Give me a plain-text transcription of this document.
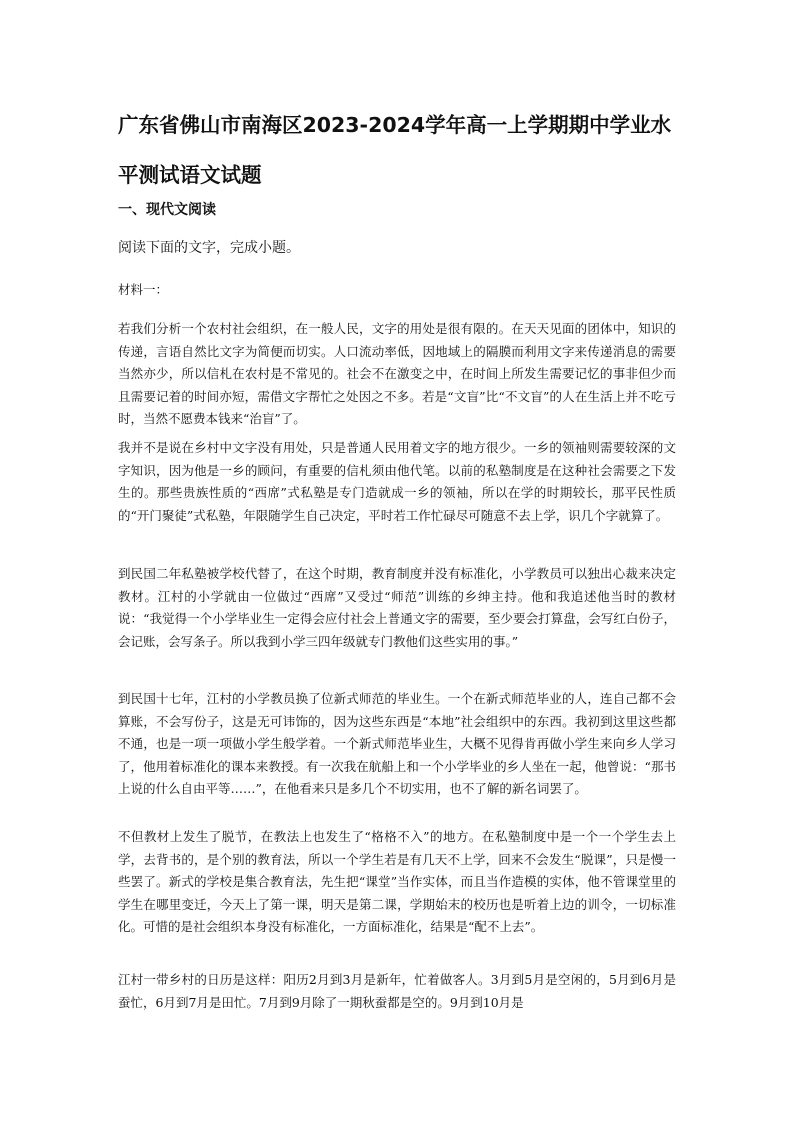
广东省佛山市南海区2023-2024学年高一上学期期中学业水平测试语文试题
一、现代文阅读

阅读下面的文字，完成小题。

材料一：

若我们分析一个农村社会组织，在一般人民，文字的用处是很有限的。在天天见面的团体中，知识的传递，言语自然比文字为简便而切实。人口流动率低，因地域上的隔膜而利用文字来传递消息的需要当然亦少，所以信札在农村是不常见的。社会不在激变之中，在时间上所发生需要记忆的事非但少而且需要记着的时间亦短，需借文字帮忙之处因之不多。若是“文盲”比“不文盲”的人在生活上并不吃亏时，当然不愿费本钱来“治盲”了。

我并不是说在乡村中文字没有用处，只是普通人民用着文字的地方很少。一乡的领袖则需要较深的文字知识，因为他是一乡的顾问，有重要的信札须由他代笔。以前的私塾制度是在这种社会需要之下发生的。那些贵族性质的“西席”式私塾是专门造就成一乡的领袖，所以在学的时期较长，那平民性质的“开门聚徒”式私塾，年限随学生自己决定，平时若工作忙碌尽可随意不去上学，识几个字就算了。

到民国二年私塾被学校代替了，在这个时期，教育制度并没有标准化，小学教员可以独出心裁来决定教材。江村的小学就由一位做过“西席”又受过“师范”训练的乡绅主持。他和我追述他当时的教材说：“我觉得一个小学毕业生一定得会应付社会上普通文字的需要，至少要会打算盘，会写红白份子，会记账，会写条子。所以我到小学三四年级就专门教他们这些实用的事。”

到民国十七年，江村的小学教员换了位新式师范的毕业生。一个在新式师范毕业的人，连自己都不会算账，不会写份子，这是无可讳饰的，因为这些东西是“本地”社会组织中的东西。我初到这里这些都不通，也是一项一项做小学生般学着。一个新式师范毕业生，大概不见得肯再做小学生来向乡人学习了，他用着标准化的课本来教授。有一次我在航船上和一个小学毕业的乡人坐在一起，他曾说：“那书上说的什么自由平等……”，在他看来只是多几个不切实用，也不了解的新名词罢了。

不但教材上发生了脱节，在教法上也发生了“格格不入”的地方。在私塾制度中是一个一个学生去上学，去背书的，是个别的教育法，所以一个学生若是有几天不上学，回来不会发生“脱课”，只是慢一些罢了。新式的学校是集合教育法，先生把“课堂”当作实体，而且当作造模的实体，他不管课堂里的学生在哪里变迁，今天上了第一课，明天是第二课，学期始末的校历也是听着上边的训令，一切标准化。可惜的是社会组织本身没有标准化，一方面标准化，结果是“配不上去”。

江村一带乡村的日历是这样：阳历2月到3月是新年，忙着做客人。3月到5月是空闲的，5月到6月是蚕忙，6月到7月是田忙。7月到9月除了一期秋蚕都是空的。9月到10月是
